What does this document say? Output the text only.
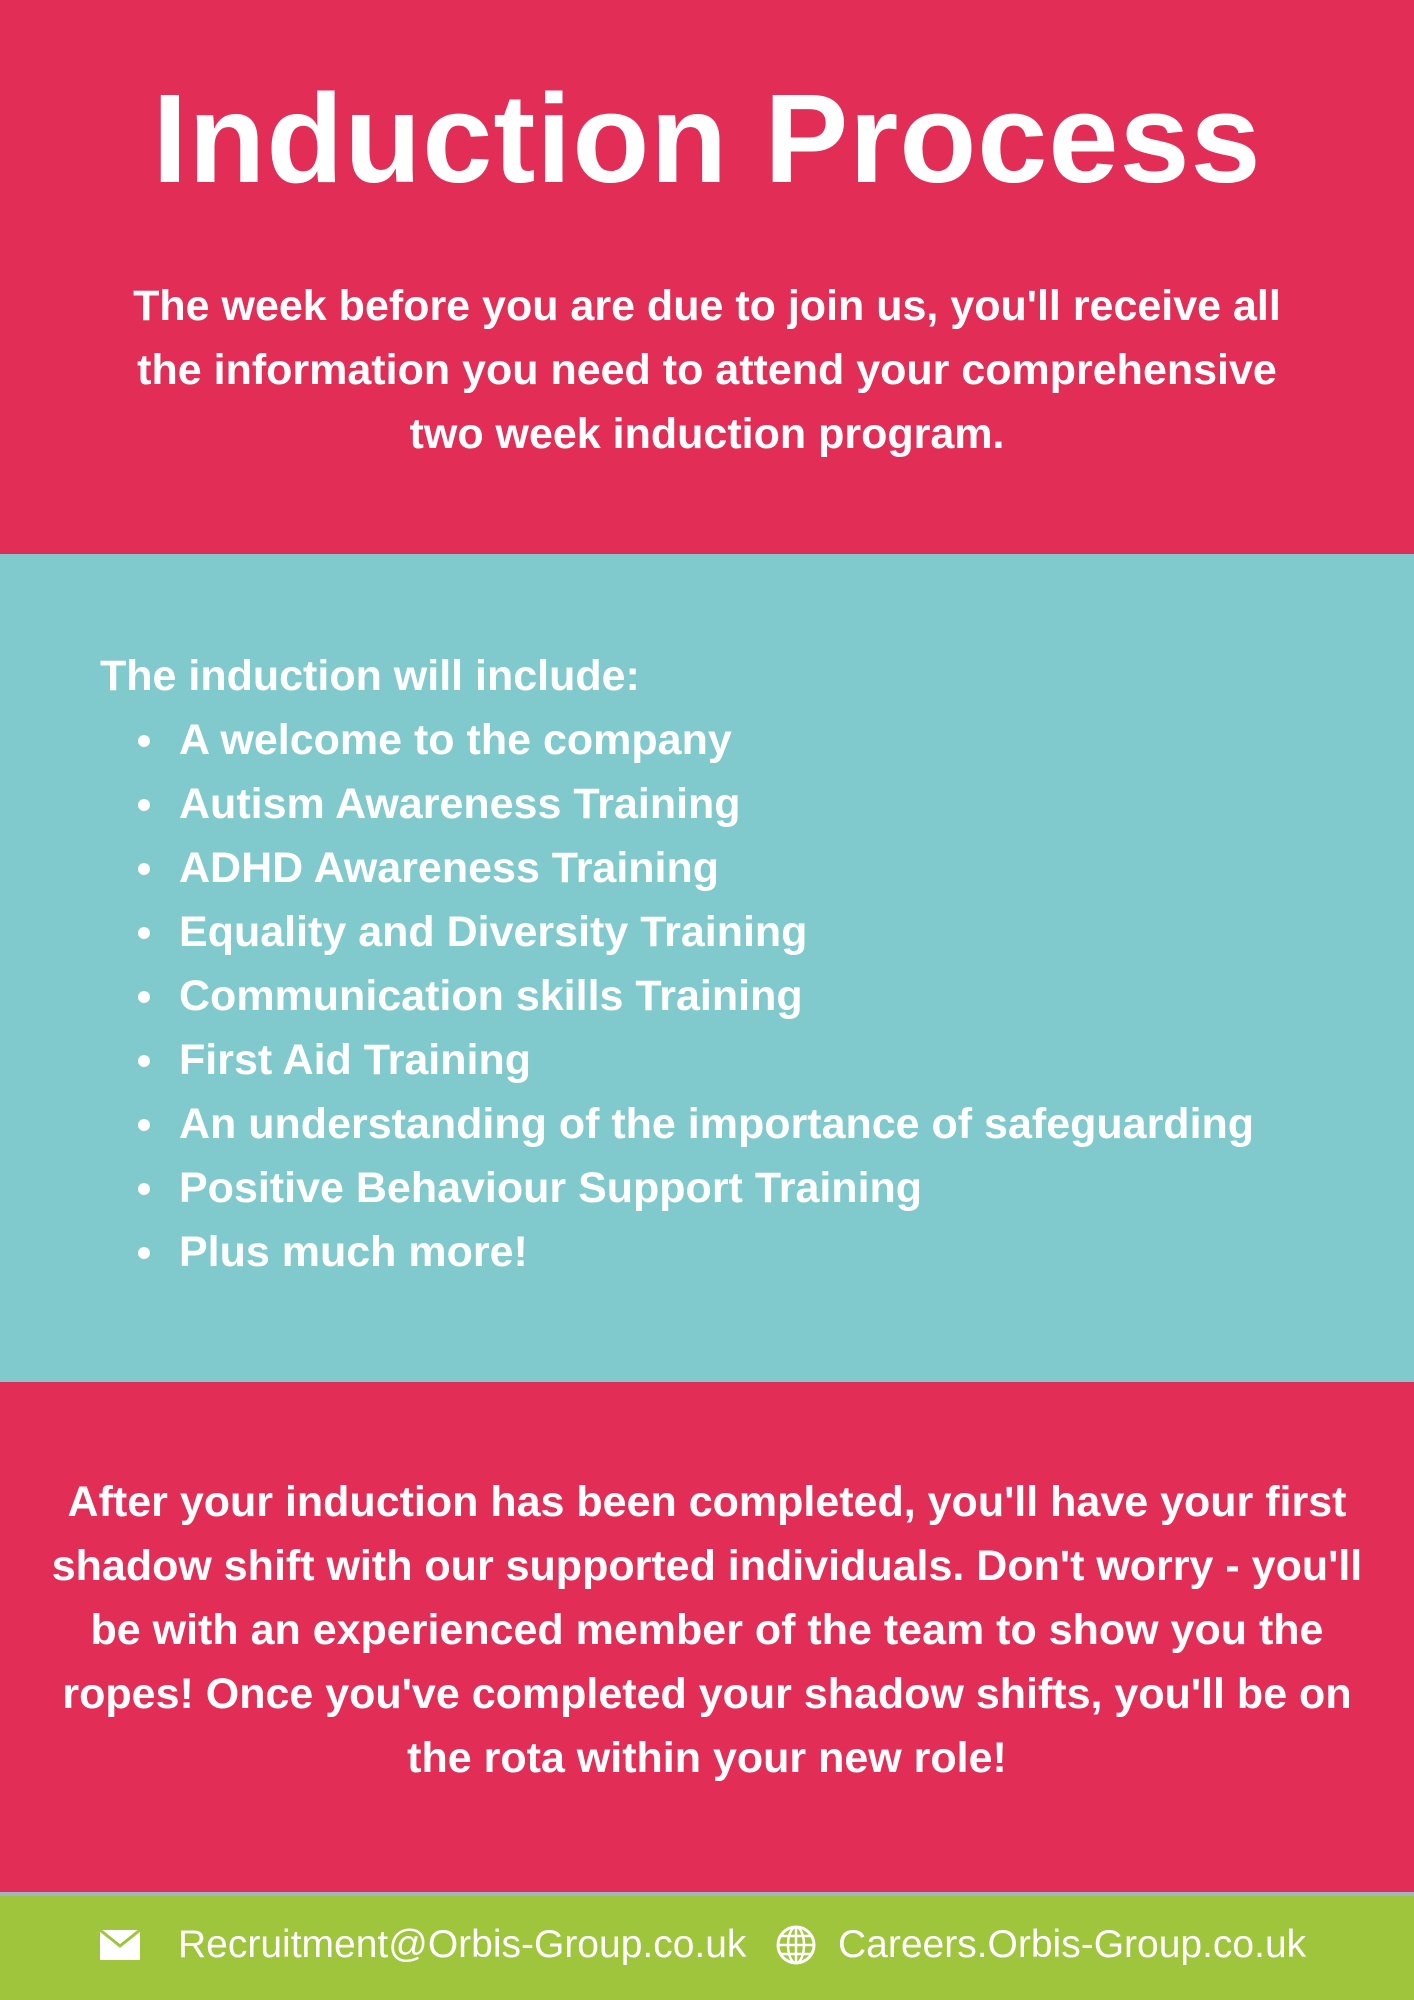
Induction Process

The week before you are due to join us, you'll receive all the information you need to attend your comprehensive two week induction program.

The induction will include:
A welcome to the company
Autism Awareness Training
ADHD Awareness Training
Equality and Diversity Training
Communication skills Training
First Aid Training
An understanding of the importance of safeguarding
Positive Behaviour Support Training
Plus much more!

After your induction has been completed, you'll have your first shadow shift with our supported individuals. Don't worry - you'll be with an experienced member of the team to show you the ropes! Once you've completed your shadow shifts, you'll be on the rota within your new role!

Recruitment@Orbis-Group.co.uk Careers.Orbis-Group.co.uk
